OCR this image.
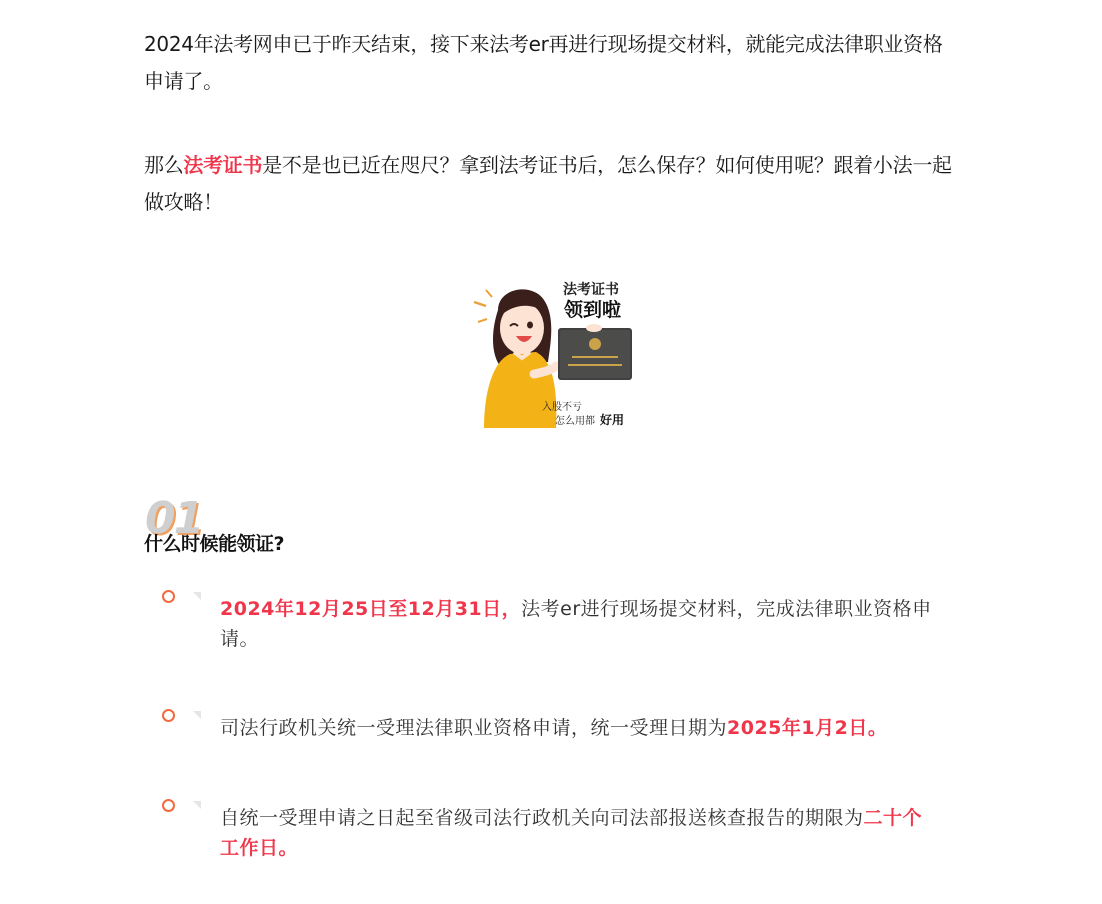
2024年法考网申已于昨天结束，接下来法考er再进行现场提交材料，就能完成法律职业资格申请了。

那么法考证书是不是也已近在咫尺？拿到法考证书后，怎么保存？如何使用呢？跟着小法一起做攻略！

法考证书
领到啦
入股不亏
怎么用都 好用
01
什么时候能领证?
2024年12月25日至12月31日，法考er进行现场提交材料，完成法律职业资格申请。
司法行政机关统一受理法律职业资格申请，统一受理日期为2025年1月2日。
自统一受理申请之日起至省级司法行政机关向司法部报送核查报告的期限为二十个工作日。
